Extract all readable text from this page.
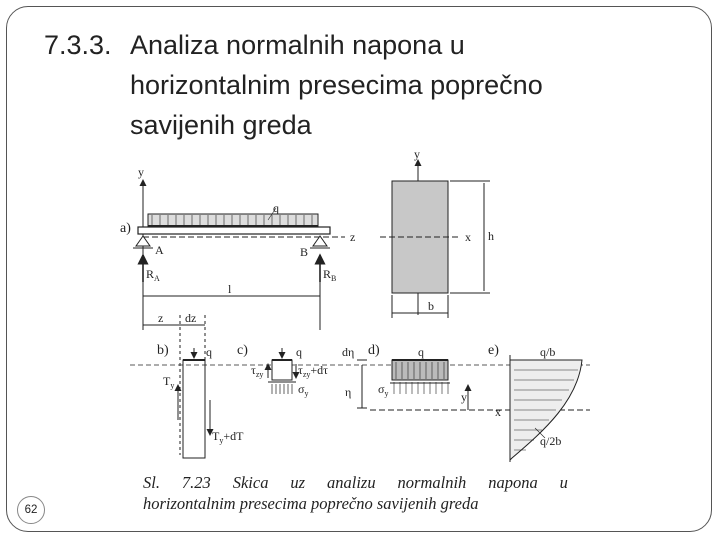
7.3.3. Analiza normalnih napona u
horizontalnim presecima poprečno
savijenih greda
a)
y
q
z
A	B
$R_A$	$R_B$
l
z dz
y
x h
b
b)	q
$T_y$
$T_y+dT$
c)	q
$\tau_{zy}$	$\tau_{zy}+d\tau$
$\sigma_y$
d)
dη	q
η $\sigma_y$
e)	q/b
y
x
q/2b
Sl. 7.23 Skica uz analizu normalnih napona u
horizontalnim presecima poprečno savijenih greda
62
